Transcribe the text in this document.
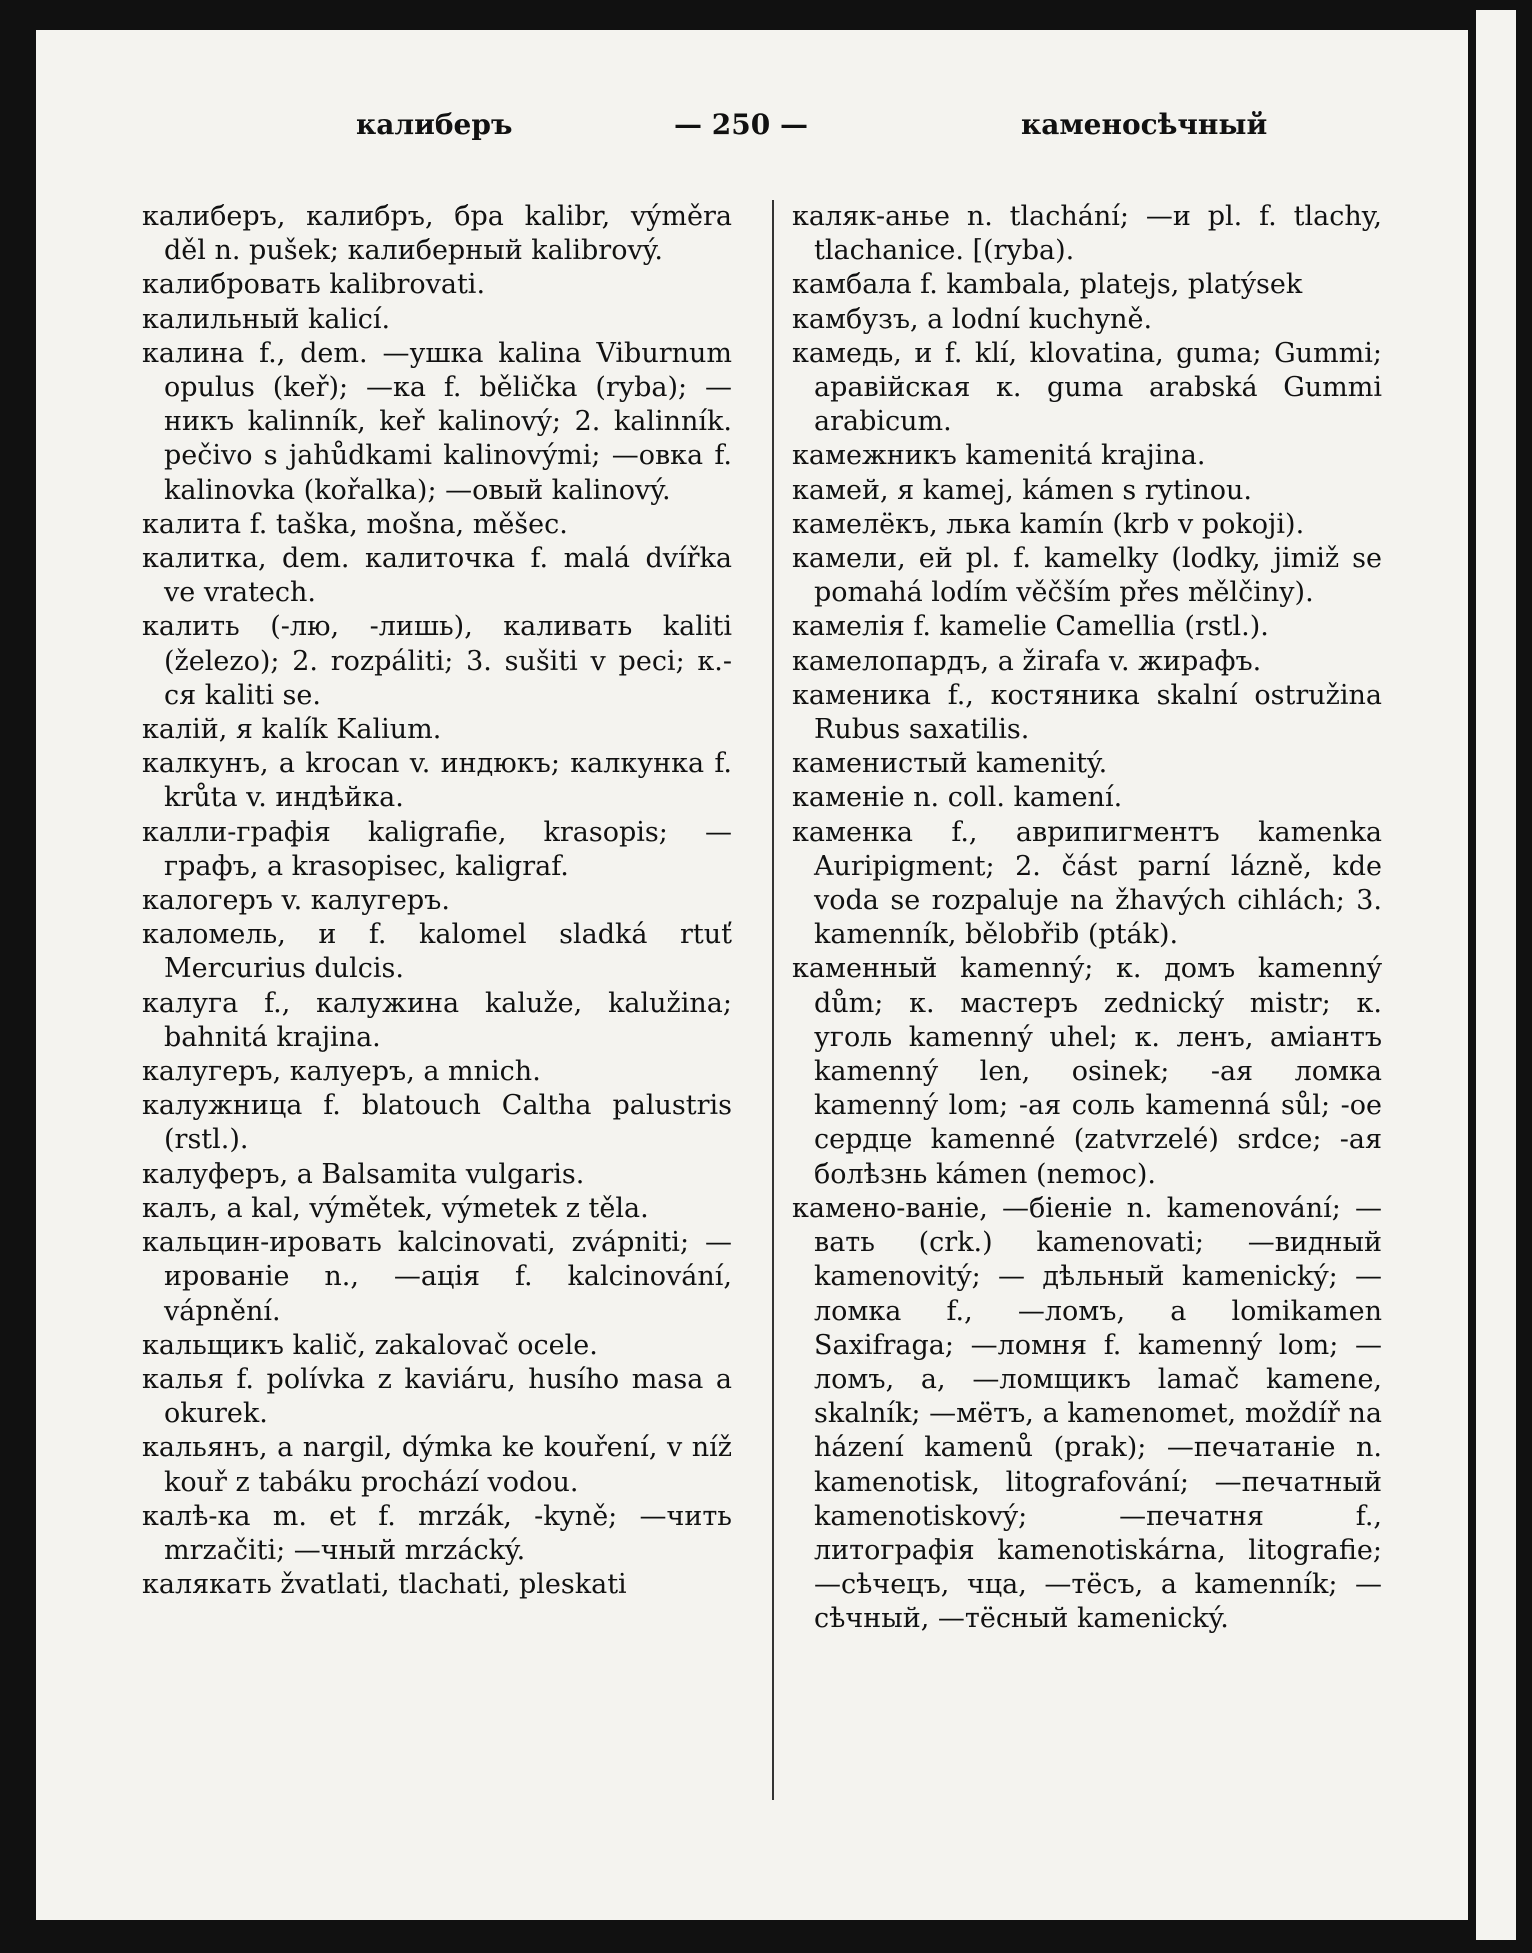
калиберъ	— 250 —	каменосѣчный
калиберъ, калибръ, бра kalibr, výměra děl n. pušek; калиберный kalibrový.
калибровать kalibrovati.
калильный kalicí.
калина f., dem. —ушка kalina Viburnum opulus (keř); —ка f. bělička (ryba); —никъ kalinník, keř kalinový; 2. kalinník. pečivo s jahůdkami kalinovými; —овка f. kalinovka (kořalka); —овый kalinový.
калита f. taška, mošna, měšec.
калитка, dem. калиточка f. malá dvířka ve vratech.
калить (-лю, -лишь), каливать kaliti (železo); 2. rozpáliti; 3. sušiti v peci; к.-ся kaliti se.
калій, я kalík Kalium.
калкунъ, а krocan v. индюкъ; калкунка f. krůta v. индѣйка.
калли-графія kaligrafie, krasopis; —графъ, а krasopisec, kaligraf.
калогеръ v. калугеръ.
каломель, и f. kalomel sladká rtuť Mercurius dulcis.
калуга f., калужина kaluže, kalužina; bahnitá krajina.
калугеръ, калуеръ, а mnich.
калужница f. blatouch Caltha palustris (rstl.).
калуферъ, а Balsamita vulgaris.
калъ, а kal, výmětek, výmetek z těla.
кальцин-ировать kalcinovati, zvápniti; —ированіе n., —ація f. kalcinování, vápnění.
кальщикъ kalič, zakalovač ocele.
калья f. polívka z kaviáru, husího masa a okurek.
кальянъ, а nargil, dýmka ke kouření, v níž kouř z tabáku prochází vodou.
калѣ-ка m. et f. mrzák, -kyně; —чить mrzačiti; —чный mrzácký.
калякать žvatlati, tlachati, pleskati
каляк-анье n. tlachání; —и pl. f. tlachy, tlachanice. [(ryba).
камбала f. kambala, platejs, platýsek
камбузъ, а lodní kuchyně.
камедь, и f. klí, klovatina, guma; Gummi; аравійская к. guma arabská Gummi arabicum.
камежникъ kamenitá krajina.
камей, я kamej, kámen s rytinou.
камелёкъ, лька kamín (krb v pokoji).
камели, ей pl. f. kamelky (lodky, jimiž se pomahá lodím věčším přes mělčiny).
камелія f. kamelie Camellia (rstl.).
камелопардъ, а žirafa v. жирафъ.
каменика f., костяника skalní ostružina Rubus saxatilis.
каменистый kamenitý.
каменіе n. coll. kamení.
каменка f., аврипигментъ kamenka Auripigment; 2. část parní lázně, kde voda se rozpaluje na žhavých cihlách; 3. kamenník, bělobřib (pták).
каменный kamenný; к. домъ kamenný dům; к. мастеръ zednický mistr; к. уголь kamenný uhel; к. ленъ, амiантъ kamenný len, osinek; -ая ломка kamenný lom; -ая соль kamenná sůl; -ое сердце kamenné (zatvrzelé) srdce; -ая болѣзнь kámen (nemoc).
камено-ваніе, —біеніе n. kamenování; —вать (crk.) kamenovati; —видный kamenovitý; — дѣльный kamenický; —ломка f., —ломъ, а lomikamen Saxifraga; —ломня f. kamenný lom; —ломъ, а, —ломщикъ lamač kamene, skalník; —мётъ, а kamenomet, moždíř na házení kamenů (prak); —печатаніе n. kamenotisk, litografování; —печатный kamenotiskový; —печатня f., литографія kamenotiskárna, litografie; —сѣчецъ, чца, —тёсъ, а kamenník; —сѣчный, —тёсный kamenický.
